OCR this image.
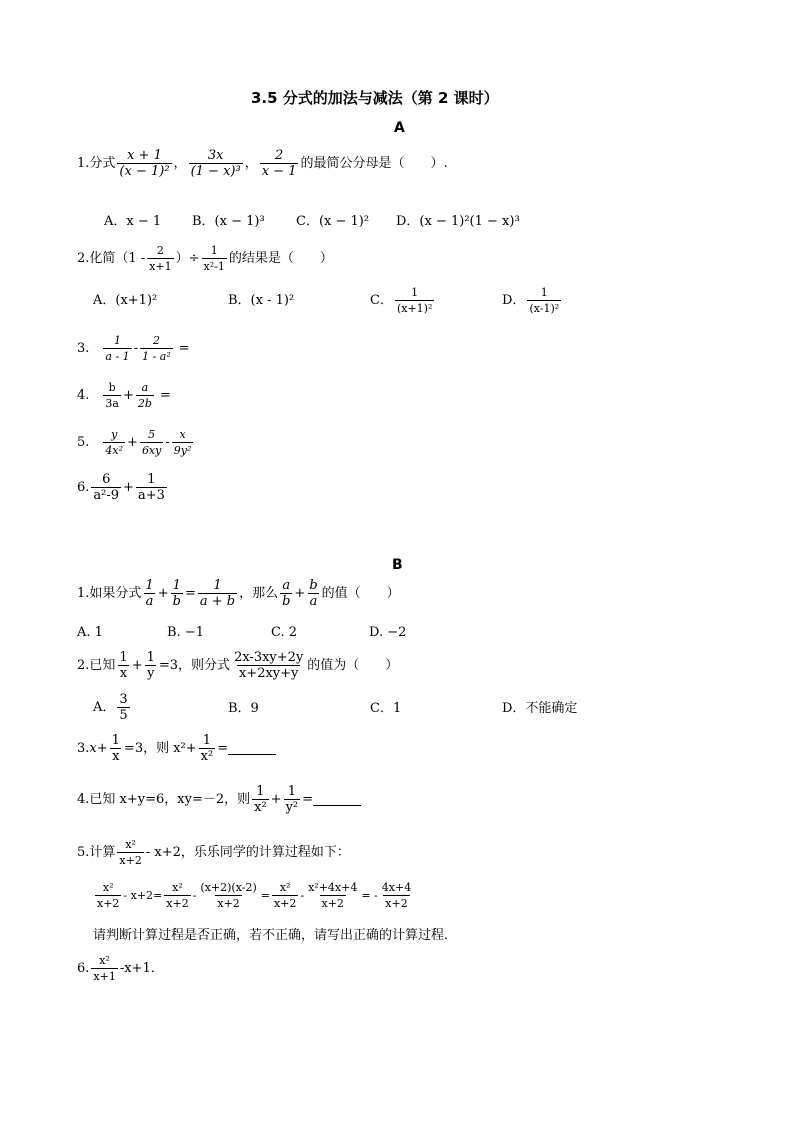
3.5 分式的加法与减法（第 2 课时）
A
1. 分式 $\frac{x + 1}{\text{(x − 1)²}}$ ， $\frac{3x}{\text{(1 − x)³}}$ ， $\frac{2}{x - 1}$ 的最简公分母是（　　）.
A．x − 1 B．(x − 1)³ C．(x − 1)² D．(x − 1)²(1 − x)³
2. 化简（$1 - \frac{2}{x+1}$ ）÷ $\frac{1}{\text{x²-1}}$ 的结果是（　　）
A．(x+1)²	B．(x - 1)²	C． $\frac{1}{\text{(x+1)²}}$	D． $\frac{1}{\text{(x-1)²}}$
3. $\frac{1}{a - 1} - \frac{2}{\text{1 - a²}}$ =
4. $\frac{b}{3a} + \frac{a}{2b}$ =
5. $\frac{y}{\text{4x²}} + \frac{5}{6xy} - \frac{x}{\text{9y²}}$
6. $\frac{6}{\text{a²-9}} + \frac{1}{a+3}$
B
1. 如果分式 $\frac{1}{a} + \frac{1}{b} = \frac{1}{a + b}$ ，那么 $\frac{a}{b} + \frac{b}{a}$ 的值（　　）
A. 1	B. −1	C. 2	D. −2
2. 已知 $\frac{1}{x} + \frac{1}{y} =3$，则分式 $\frac{2x-3xy+2y}{x+2xy+y}$ 的值为（　　）
A． $\frac{3}{5}$	B．9	C．1	D．不能确定
3. $x+ \frac{1}{x} =3$，则 $x^2+ \frac{1}{\text{x²}}$ =
4. 已知 x+y=6，xy=－2，则 $\frac{1}{\text{x²}} + \frac{1}{\text{y²}}$ =
5. 计算 $\frac{\text{x²}}{x+2} - x+2$，乐乐同学的计算过程如下：
$\frac{\text{x²}}{x+2} - x+2= \frac{\text{x²}}{x+2} - \frac{(x+2)(x-2)}{x+2} = \frac{\text{x²}}{x+2} - \frac{\text{x²+4x+4}}{x+2}$ = - $\frac{4x+4}{x+2}$
请判断计算过程是否正确，若不正确，请写出正确的计算过程．
6. $\frac{\text{x²}}{x+1} -x+1$．
